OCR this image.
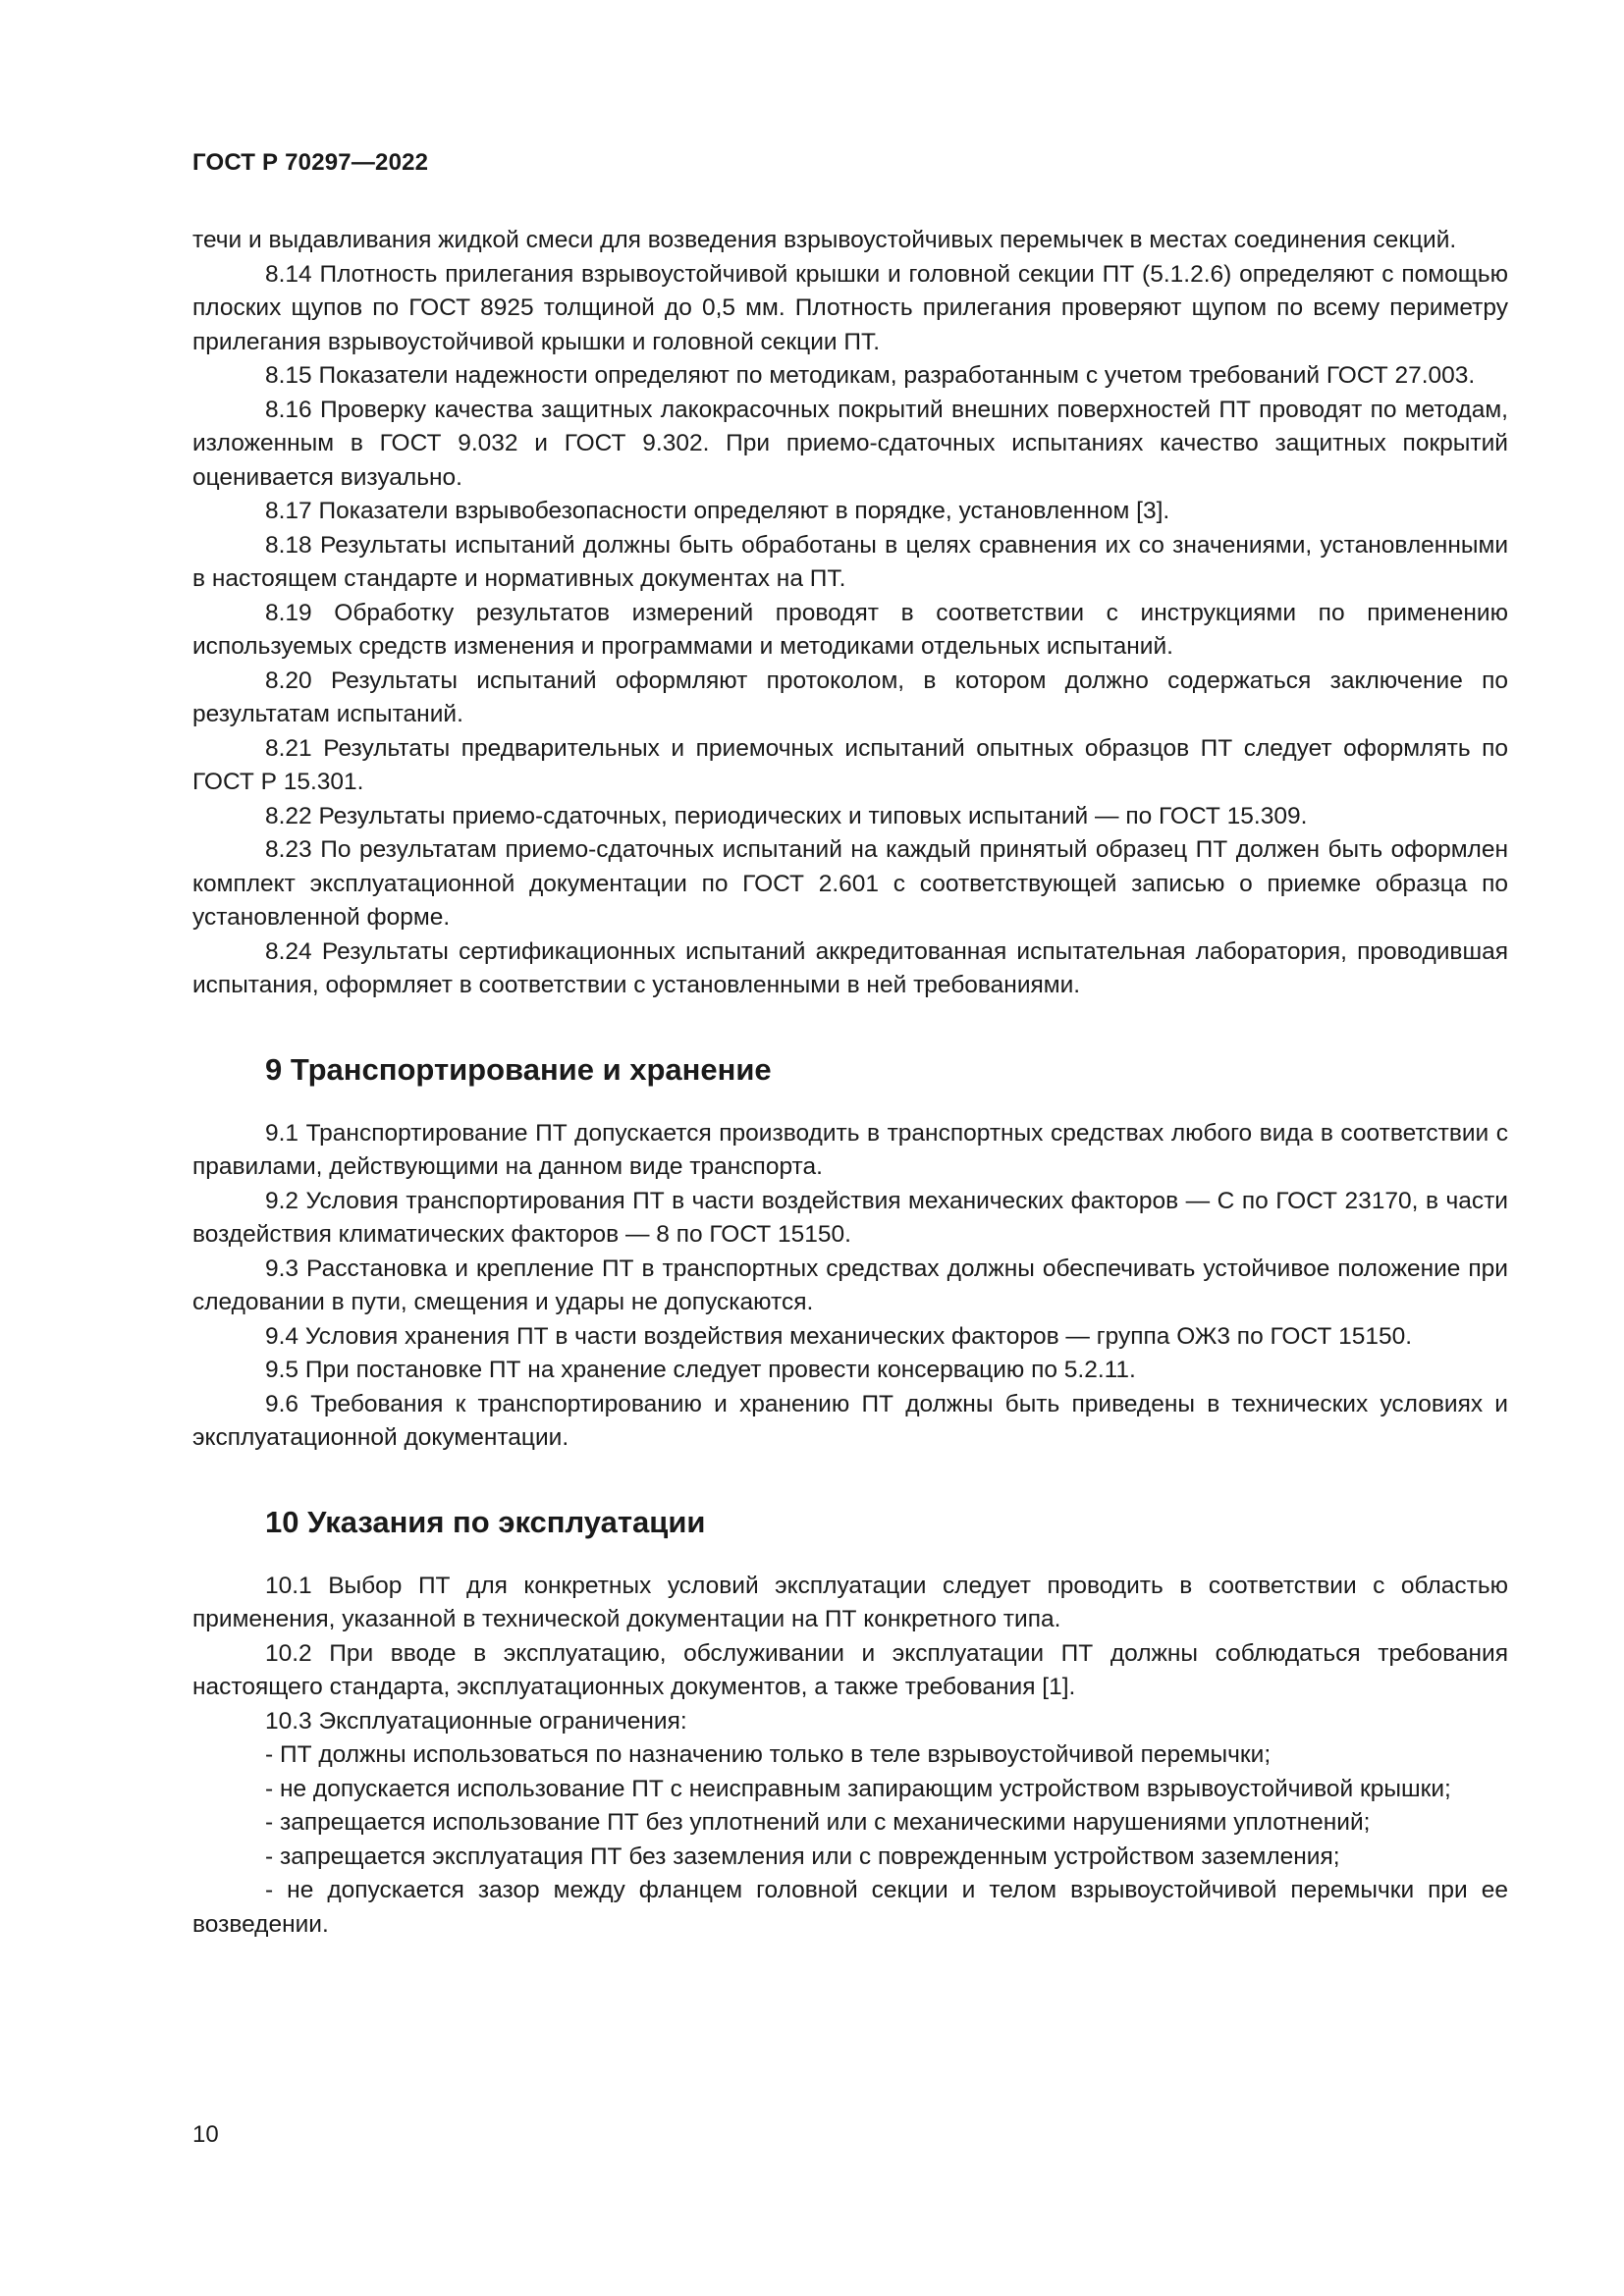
ГОСТ Р 70297—2022

течи и выдавливания жидкой смеси для возведения взрывоустойчивых перемычек в местах соединения секций.

8.14 Плотность прилегания взрывоустойчивой крышки и головной секции ПТ (5.1.2.6) определяют с помощью плоских щупов по ГОСТ 8925 толщиной до 0,5 мм. Плотность прилегания проверяют щупом по всему периметру прилегания взрывоустойчивой крышки и головной секции ПТ.

8.15 Показатели надежности определяют по методикам, разработанным с учетом требований ГОСТ 27.003.

8.16 Проверку качества защитных лакокрасочных покрытий внешних поверхностей ПТ проводят по методам, изложенным в ГОСТ 9.032 и ГОСТ 9.302. При приемо-сдаточных испытаниях качество защитных покрытий оценивается визуально.

8.17 Показатели взрывобезопасности определяют в порядке, установленном [3].

8.18 Результаты испытаний должны быть обработаны в целях сравнения их со значениями, установленными в настоящем стандарте и нормативных документах на ПТ.

8.19 Обработку результатов измерений проводят в соответствии с инструкциями по применению используемых средств изменения и программами и методиками отдельных испытаний.

8.20 Результаты испытаний оформляют протоколом, в котором должно содержаться заключение по результатам испытаний.

8.21 Результаты предварительных и приемочных испытаний опытных образцов ПТ следует оформлять по ГОСТ Р 15.301.

8.22 Результаты приемо-сдаточных, периодических и типовых испытаний — по ГОСТ 15.309.

8.23 По результатам приемо-сдаточных испытаний на каждый принятый образец ПТ должен быть оформлен комплект эксплуатационной документации по ГОСТ 2.601 с соответствующей записью о приемке образца по установленной форме.

8.24 Результаты сертификационных испытаний аккредитованная испытательная лаборатория, проводившая испытания, оформляет в соответствии с установленными в ней требованиями.

9 Транспортирование и хранение

9.1 Транспортирование ПТ допускается производить в транспортных средствах любого вида в соответствии с правилами, действующими на данном виде транспорта.

9.2 Условия транспортирования ПТ в части воздействия механических факторов — С по ГОСТ 23170, в части воздействия климатических факторов — 8 по ГОСТ 15150.

9.3 Расстановка и крепление ПТ в транспортных средствах должны обеспечивать устойчивое положение при следовании в пути, смещения и удары не допускаются.

9.4 Условия хранения ПТ в части воздействия механических факторов — группа ОЖ3 по ГОСТ 15150.

9.5 При постановке ПТ на хранение следует провести консервацию по 5.2.11.

9.6 Требования к транспортированию и хранению ПТ должны быть приведены в технических условиях и эксплуатационной документации.

10 Указания по эксплуатации

10.1 Выбор ПТ для конкретных условий эксплуатации следует проводить в соответствии с областью применения, указанной в технической документации на ПТ конкретного типа.

10.2 При вводе в эксплуатацию, обслуживании и эксплуатации ПТ должны соблюдаться требования настоящего стандарта, эксплуатационных документов, а также требования [1].

10.3 Эксплуатационные ограничения:

- ПТ должны использоваться по назначению только в теле взрывоустойчивой перемычки;

- не допускается использование ПТ с неисправным запирающим устройством взрывоустойчивой крышки;

- запрещается использование ПТ без уплотнений или с механическими нарушениями уплотнений;

- запрещается эксплуатация ПТ без заземления или с поврежденным устройством заземления;

- не допускается зазор между фланцем головной секции и телом взрывоустойчивой перемычки при ее возведении.

10
